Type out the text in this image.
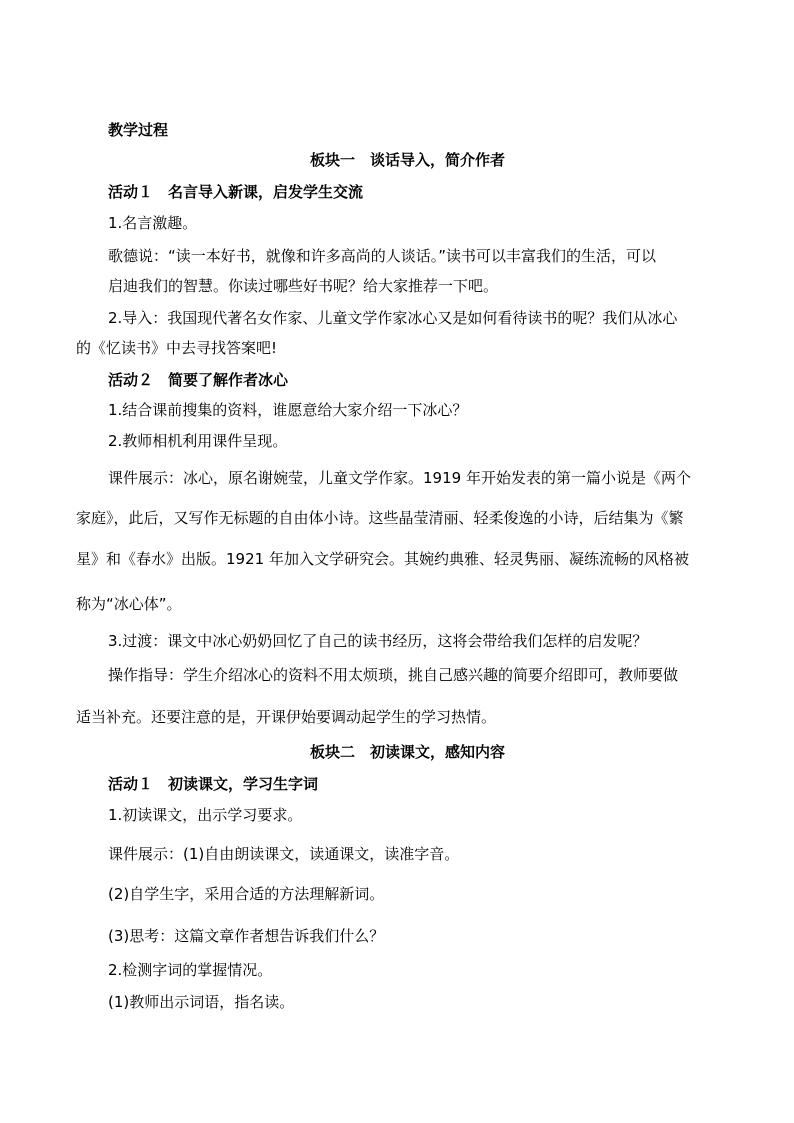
教学过程

板块一　谈话导入，简介作者

活动１　名言导入新课，启发学生交流

1.名言激趣。

歌德说：“读一本好书，就像和许多高尚的人谈话。”读书可以丰富我们的生活，可以

启迪我们的智慧。你读过哪些好书呢？给大家推荐一下吧。

2.导入：我国现代著名女作家、儿童文学作家冰心又是如何看待读书的呢？我们从冰心

的《忆读书》中去寻找答案吧!

活动２　简要了解作者冰心

1.结合课前搜集的资料，谁愿意给大家介绍一下冰心？

2.教师相机利用课件呈现。

课件展示：冰心，原名谢婉莹，儿童文学作家。1919 年开始发表的第一篇小说是《两个

家庭》，此后，又写作无标题的自由体小诗。这些晶莹清丽、轻柔俊逸的小诗，后结集为《繁

星》和《春水》出版。1921 年加入文学研究会。其婉约典雅、轻灵隽丽、凝练流畅的风格被

称为“冰心体”。

3.过渡：课文中冰心奶奶回忆了自己的读书经历，这将会带给我们怎样的启发呢？

操作指导：学生介绍冰心的资料不用太烦琐，挑自己感兴趣的简要介绍即可，教师要做

适当补充。还要注意的是，开课伊始要调动起学生的学习热情。

板块二　初读课文，感知内容

活动１　初读课文，学习生字词

1.初读课文，出示学习要求。

课件展示：(1)自由朗读课文，读通课文，读准字音。

(2)自学生字，采用合适的方法理解新词。

(3)思考：这篇文章作者想告诉我们什么？

2.检测字词的掌握情况。

(1)教师出示词语，指名读。
